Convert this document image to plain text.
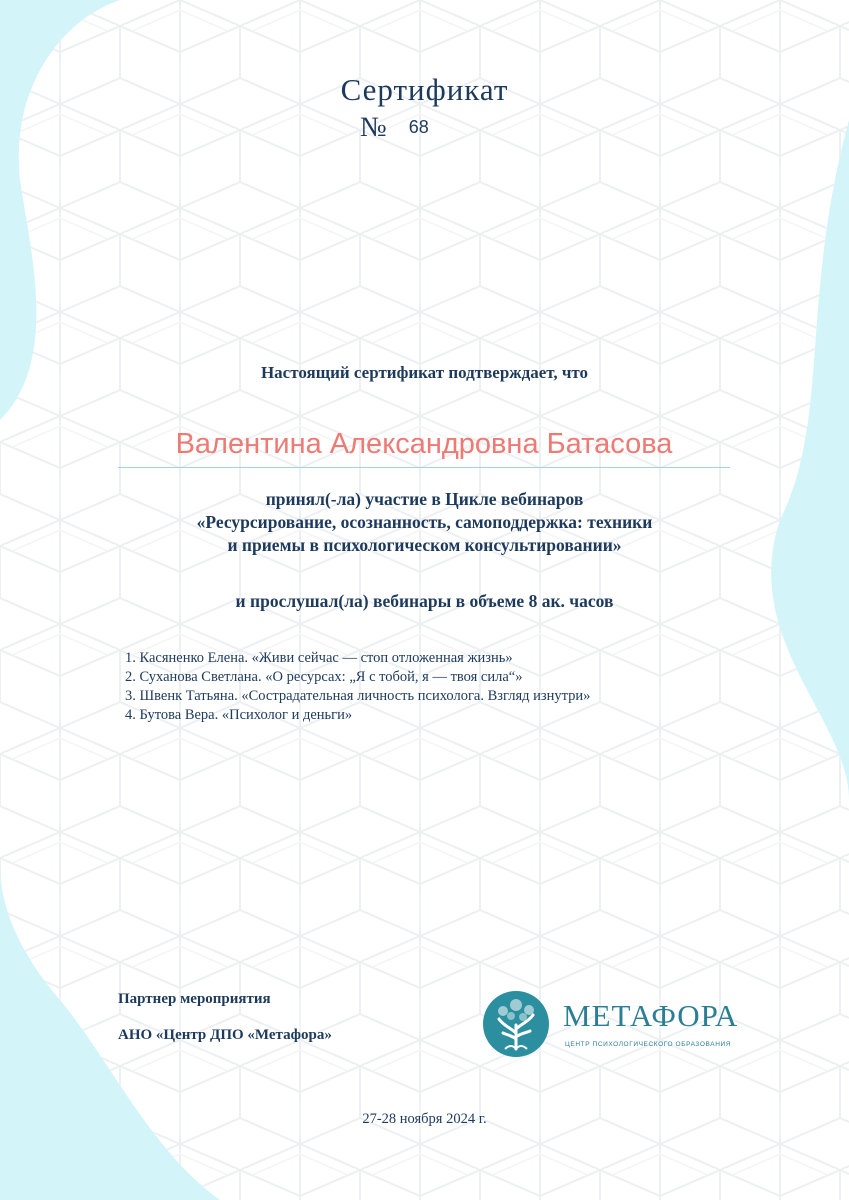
Сертификат
№ 68
Настоящий сертификат подтверждает, что
Валентина Александровна Батасова
принял(-ла) участие в Цикле вебинаров
«Ресурсирование, осознанность, самоподдержка: техники
и приемы в психологическом консультировании»
и прослушал(ла) вебинары в объеме 8 ак. часов
1. Касяненко Елена. «Живи сейчас — стоп отложенная жизнь»
2. Суханова Светлана. «О ресурсах: „Я с тобой, я — твоя сила“»
3. Швенк Татьяна. «Сострадательная личность психолога. Взгляд изнутри»
4. Бутова Вера. «Психолог и деньги»
Партнер мероприятия
АНО «Центр ДПО «Метафора»
МЕТАФОРА
ЦЕНТР ПСИХОЛОГИЧЕСКОГО ОБРАЗОВАНИЯ
27-28 ноября 2024 г.
